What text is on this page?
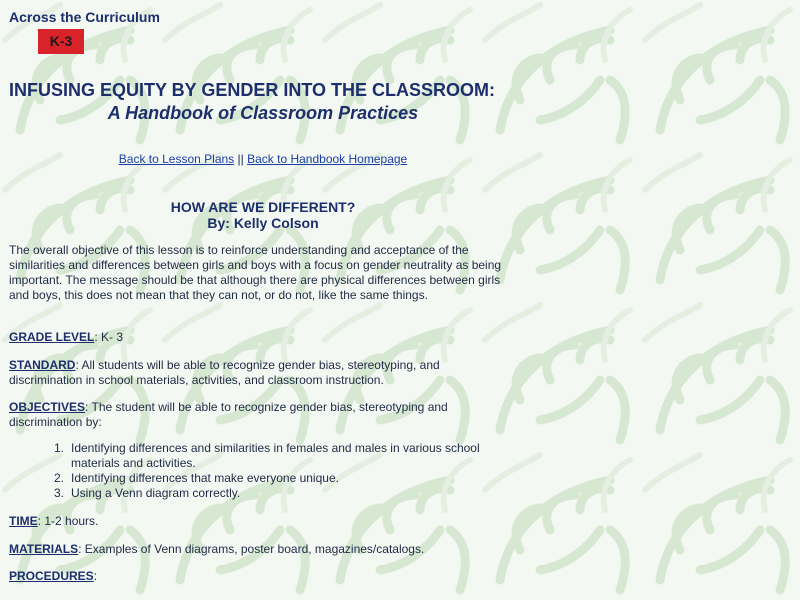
Across the Curriculum
K-3
INFUSING EQUITY BY GENDER INTO THE CLASSROOM:
A Handbook of Classroom Practices
Back to Lesson Plans || Back to Handbook Homepage
HOW ARE WE DIFFERENT?
By: Kelly Colson
The overall objective of this lesson is to reinforce understanding and acceptance of the similarities and differences between girls and boys with a focus on gender neutrality as being important. The message should be that although there are physical differences between girls and boys, this does not mean that they can not, or do not, like the same things.
GRADE LEVEL: K- 3
STANDARD: All students will be able to recognize gender bias, stereotyping, and discrimination in school materials, activities, and classroom instruction.
OBJECTIVES: The student will be able to recognize gender bias, stereotyping and discrimination by:
1. Identifying differences and similarities in females and males in various school materials and activities.
2. Identifying differences that make everyone unique.
3. Using a Venn diagram correctly.
TIME: 1-2 hours.
MATERIALS: Examples of Venn diagrams, poster board, magazines/catalogs.
PROCEDURES:
